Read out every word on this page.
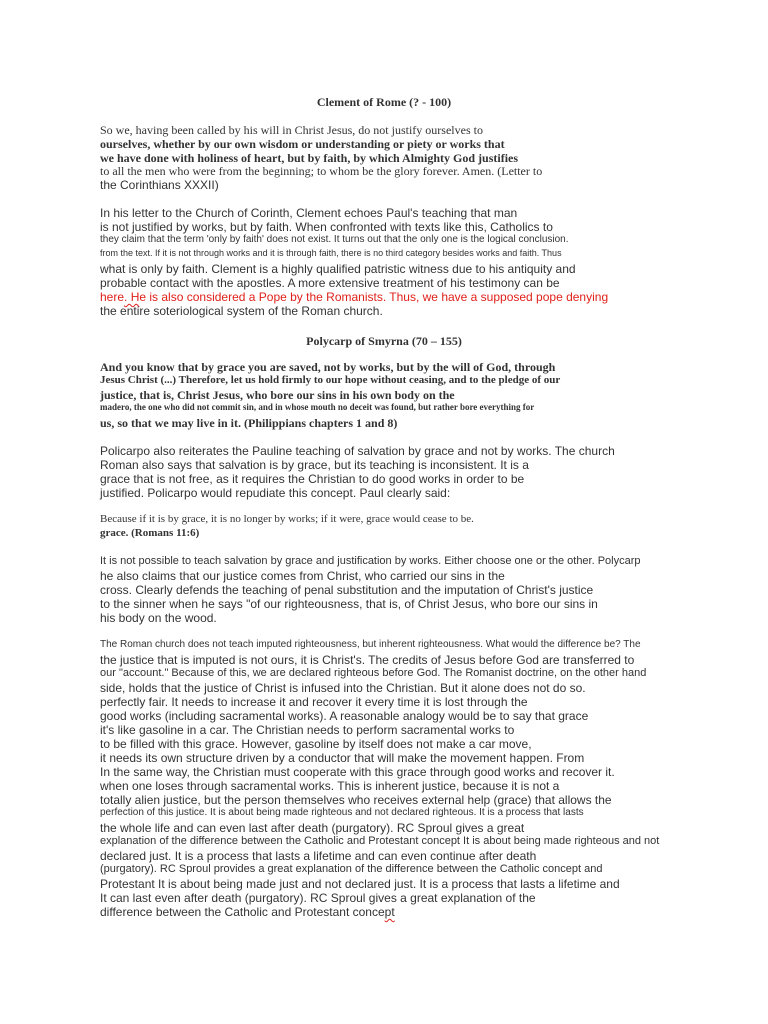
Clement of Rome (? - 100)
So we, having been called by his will in Christ Jesus, do not justify ourselves to
ourselves, whether by our own wisdom or understanding or piety or works that
we have done with holiness of heart, but by faith, by which Almighty God justifies
to all the men who were from the beginning; to whom be the glory forever. Amen. (Letter to
the Corinthians XXXII)
In his letter to the Church of Corinth, Clement echoes Paul's teaching that man
is not justified by works, but by faith. When confronted with texts like this, Catholics to
they claim that the term 'only by faith' does not exist. It turns out that the only one is the logical conclusion.
from the text. If it is not through works and it is through faith, there is no third category besides works and faith. Thus
what is only by faith. Clement is a highly qualified patristic witness due to his antiquity and
probable contact with the apostles. A more extensive treatment of his testimony can be
here. He is also considered a Pope by the Romanists. Thus, we have a supposed pope denying
the entire soteriological system of the Roman church.
Polycarp of Smyrna (70 – 155)
And you know that by grace you are saved, not by works, but by the will of God, through
Jesus Christ (...) Therefore, let us hold firmly to our hope without ceasing, and to the pledge of our
justice, that is, Christ Jesus, who bore our sins in his own body on the
madero, the one who did not commit sin, and in whose mouth no deceit was found, but rather bore everything for
us, so that we may live in it. (Philippians chapters 1 and 8)
Policarpo also reiterates the Pauline teaching of salvation by grace and not by works. The church
Roman also says that salvation is by grace, but its teaching is inconsistent. It is a
grace that is not free, as it requires the Christian to do good works in order to be
justified. Policarpo would repudiate this concept. Paul clearly said:
Because if it is by grace, it is no longer by works; if it were, grace would cease to be.
grace. (Romans 11:6)
It is not possible to teach salvation by grace and justification by works. Either choose one or the other. Polycarp
he also claims that our justice comes from Christ, who carried our sins in the
cross. Clearly defends the teaching of penal substitution and the imputation of Christ's justice
to the sinner when he says "of our righteousness, that is, of Christ Jesus, who bore our sins in
his body on the wood.
The Roman church does not teach imputed righteousness, but inherent righteousness. What would the difference be? The
the justice that is imputed is not ours, it is Christ's. The credits of Jesus before God are transferred to
our "account." Because of this, we are declared righteous before God. The Romanist doctrine, on the other hand
side, holds that the justice of Christ is infused into the Christian. But it alone does not do so.
perfectly fair. It needs to increase it and recover it every time it is lost through the
good works (including sacramental works). A reasonable analogy would be to say that grace
it's like gasoline in a car. The Christian needs to perform sacramental works to
to be filled with this grace. However, gasoline by itself does not make a car move,
it needs its own structure driven by a conductor that will make the movement happen. From
In the same way, the Christian must cooperate with this grace through good works and recover it.
when one loses through sacramental works. This is inherent justice, because it is not a
totally alien justice, but the person themselves who receives external help (grace) that allows the
perfection of this justice. It is about being made righteous and not declared righteous. It is a process that lasts
the whole life and can even last after death (purgatory). RC Sproul gives a great
explanation of the difference between the Catholic and Protestant concept It is about being made righteous and not
declared just. It is a process that lasts a lifetime and can even continue after death
(purgatory). RC Sproul provides a great explanation of the difference between the Catholic concept and
Protestant It is about being made just and not declared just. It is a process that lasts a lifetime and
It can last even after death (purgatory). RC Sproul gives a great explanation of the
difference between the Catholic and Protestant concept
